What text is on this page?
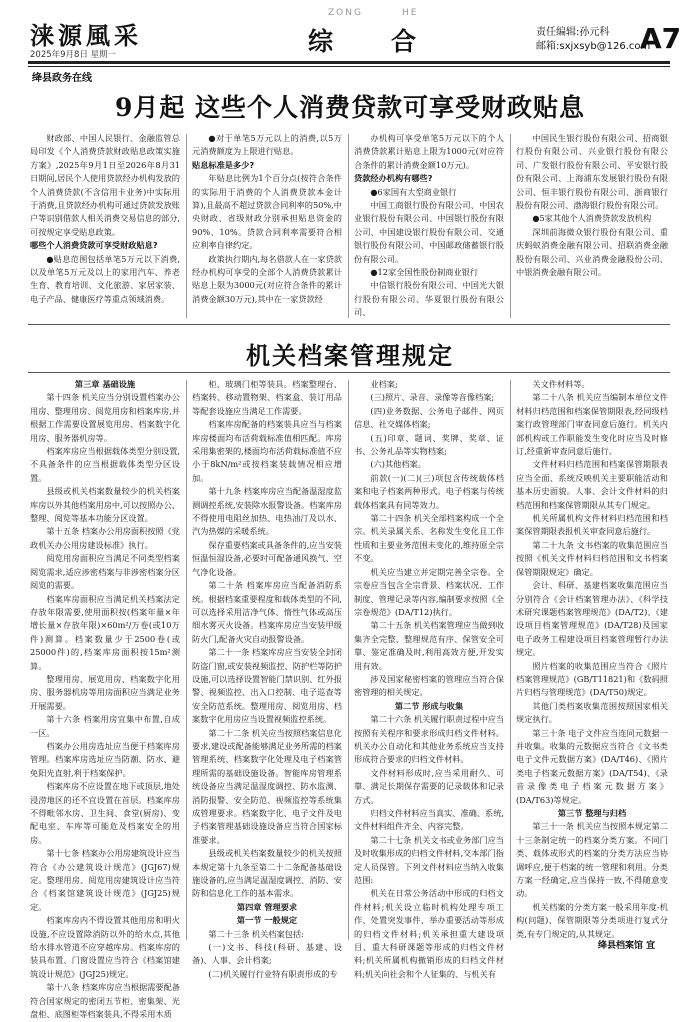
涞源風采
2025年9月8日 星期一
ZONG	HE
综合	责任编辑:孙元科
邮箱:sxjxsyb@126.com
A7
绛县政务在线
9月起 这些个人消费贷款可享受财政贴息

财政部、中国人民银行、金融监管总局印发《个人消费贷款财政贴息政策实施方案》,2025年9月1日至2026年8月31日期间,居民个人使用贷款经办机构发放的个人消费贷款(不含信用卡业务)中实际用于消费,且贷款经办机构可通过贷款发放账户等识别借款人相关消费交易信息的部分,可按规定享受贴息政策。

哪些个人消费贷款可享受财政贴息?

●贴息范围包括单笔5万元以下消费,以及单笔5万元及以上的家用汽车、养老生育、教育培训、文化旅游、家居家装、电子产品、健康医疗等重点领域消费。

●对于单笔5万元以上的消费,以5万元消费额度为上限进行贴息。

贴息标准是多少?

年贴息比例为1个百分点(按符合条件的实际用于消费的个人消费贷款本金计算),且最高不超过贷款合同利率的50%,中央财政、省级财政分别承担贴息资金的90%、10%。贷款合同利率需要符合相应利率自律约定。

政策执行期内,每名借款人在一家贷款经办机构可享受的全部个人消费贷款累计贴息上限为3000元(对应符合条件的累计消费金额30万元),其中在一家贷款经

办机构可享受单笔5万元以下的个人消费贷款累计贴息上限为1000元(对应符合条件的累计消费金额10万元)。

贷款经办机构有哪些?

●6家国有大型商业银行

中国工商银行股份有限公司、中国农业银行股份有限公司、中国银行股份有限公司、中国建设银行股份有限公司、交通银行股份有限公司、中国邮政储蓄银行股份有限公司。

●12家全国性股份制商业银行

中信银行股份有限公司、中国光大银行股份有限公司、华夏银行股份有限公司、

中国民生银行股份有限公司、招商银行股份有限公司、兴业银行股份有限公司、广发银行股份有限公司、平安银行股份有限公司、上海浦东发展银行股份有限公司、恒丰银行股份有限公司、浙商银行股份有限公司、渤海银行股份有限公司。

●5家其他个人消费贷款发放机构

深圳前海微众银行股份有限公司、重庆蚂蚁消费金融有限公司、招联消费金融股份有限公司、兴业消费金融股份公司、中银消费金融有限公司。

机关档案管理规定

第三章 基础设施

第十四条 机关应当分别设置档案办公用房、整理用房、阅览用房和档案库房,并根据工作需要设置展览用房、档案数字化用房、服务器机房等。

档案库房应当根据载体类型分别设置,不具备条件的应当根据载体类型分区设置。

县级或机关档案数量较少的机关档案库房以外其他档案用房中,可以按照办公、整理、阅览等基本功能分区设置。

第十五条 档案办公用房面积按照《党政机关办公用房建设标准》执行。

阅览用房面积应当满足不同类型档案阅览需求,适应涉密档案与非涉密档案分区阅览的需要。

档案库房面积应当满足机关档案法定存放年限需要,使用面积按(档案年量×年增长量×存放年限)×60m²/万卷(或10万件)测算。档案数量少于2500卷(或25000件)的,档案库房面积按15m²测算。

整理用房、展览用房、档案数字化用房、服务器机房等用房面积应当满足业务开展需要。

第十六条 档案用房宜集中布置,自成一区。

档案办公用房选址应当便于档案库房管理。档案库房选址应当防潮、防水、避免阳光直射,利于档案保护。

档案库房不应设置在地下或顶层,地处浸涝地区的还不宜设置在首层。档案库房不得毗邻水房、卫生间、食堂(厨房)、变配电室、车库等可能危及档案安全的用房。

第十七条 档案办公用房建筑设计应当符合《办公建筑设计规范》(JGJ67)规定。整理用房、阅览用房建筑设计应当符合《档案馆建筑设计规范》(JGJ25)规定。

档案库房内不得设置其他用房和明火设施,不应设置除消防以外的给水点,其他给水排水管道不应穿越库房。档案库房的装具布置、门窗设置应当符合《档案馆建筑设计规范》(JGJ25)规定。

第十八条 档案库房应当根据需要配备符合国家规定的密闭五节柜、密集架、光盘柜、底图柜等档案装具,不得采用木质

柜、玻璃门柜等装具。档案整理台、档案转、移动置物架、档案盒、装订用品等配套设施应当满足工作需要。

档案库房配备的档案装具应当与档案库房楼面均布活荷载标准值相匹配。库房采用集密架的,楼面均布活荷载标准值不应小于8kN/m²或按档案装载情况相应增加。

第十九条 档案库房应当配备温湿度监测调控系统,安装除水报警设备。档案库房不得使用电阻丝加热、电热油汀及以水、汽为热媒的采暖系统。

保存重要档案或具备条件的,应当安装恒温恒湿设备,必要时可配备通风换气、空气净化设备。

第二十条 档案库房应当配备消防系统。根据档案重要程度和载体类型的不同,可以选择采用洁净气体、惰性气体或高压细水雾灭火设备。档案库房应当安装甲级防火门,配备火灾自动报警设备。

第二十一条 档案库房应当安装全封闭防盗门窗,或安装视频监控、防护栏等防护设施,可以选择设置智能门禁识别、红外报警、视频监控、出入口控制、电子巡查等安全防范系统。整理用房、阅览用房、档案数字化用房应当设置视频监控系统。

第二十二条 机关应当按照档案信息化要求,建设或配备能够满足业务所需的档案管理系统、档案数字化处理及电子档案管理所需的基础设施设备。智能库房管理系统设备应当满足温湿度调控、防水监测、消防报警、安全防范、视频监控等系统集成管理要求。档案数字化、电子文件及电子档案管理基础设施设备应当符合国家标准要求。

县级或机关档案数量较少的机关按照本规定第十九条至第二十二条配备基础设施设备的,应当满足温湿度调控、消防、安防和信息化工作的基本需求。

第四章 管理要求

第一节 一般规定

第二十三条 机关档案包括:

(一)文书、科技(科研、基建、设备)、人事、会计档案;

(二)机关履行行业特有职责形成的专

业档案;

(三)照片、录音、录像等音像档案;

(四)业务数据、公务电子邮件、网页信息、社交媒体档案;

(五)印章、题词、奖牌、奖章、证书、公务礼品等实物档案;

(六)其他档案。

前款(一)(二)(三)项包含传统载体档案和电子档案两种形式。电子档案与传统载体档案具有同等效力。

第二十四条 机关全部档案构成一个全宗。机关录属关系、名称发生变化且工作性质和主要业务范围未变化的,维持原全宗不变。

机关应当建立并定期完善全宗卷。全宗卷应当包含全宗背景、档案状况、工作制度、管理记录等内容,编制要求按照《全宗卷规范》(DA/T12)执行。

第二十五条 机关档案管理应当做到收集齐全完整、整理规范有序、保管安全可靠、鉴定准确及时,利用高效方便,开发实用有效。

涉及国家秘密档案的管理应当符合保密管理的相关规定。

第二节 形成与收集

第二十六条 机关履行职责过程中应当按照有关程序和要求形成归档文件材料。机关办公自动化和其他业务系统应当支持形成符合要求的归档文件材料。

文件材料形成时,应当采用耐久、可靠、满足长期保存需要的记录载体和记录方式。

归档文件材料应当真实、准确、系统,文件材料组件齐全、内容完整。

第二十七条 机关文书或业务部门应当及时收集形成的归档文件材料,交本部门指定人员保管。下列文件材料应当纳入收集范围:

机关在日常公务活动中形成的归档文件材料;机关设立临时机构处理专项工作、处置突发事件、举办重要活动等形成的归档文件材料;机关承担重大建设项目、重大科研课题等形成的归档文件材料;机关所属机构撤销形成的归档文件材料;机关向社会和个人征集的、与机关有

关文件材料等。

第二十八条 机关应当编制本单位文件材料归档范围和档案保管期限表,经同级档案行政管理部门审查同意后施行。机关内部机构或工作职能发生变化时应当及时修订,经重新审查同意后施行。

文件材料归档范围和档案保管期限表应当全面、系统反映机关主要职能活动和基本历史面貌。人事、会计文件材料的归档范围和档案保管期限从其专门规定。

机关所属机构文件材料归档范围和档案保管期限表报机关审查同意后施行。

第二十九条 文书档案的收集范围应当按照《机关文件材料归档范围和文书档案保管期限规定》确定。

会计、科研、基建档案收集范围应当分别符合《会计档案管理办法》、《科学技术研究课题档案管理规范》(DA/T2)、《建设项目档案管理规范》(DA/T28)及国家电子政务工程建设项目档案管理暂行办法规定。

照片档案的收集范围应当符合《照片档案管理规范》(GB/T11821)和《数码照片归档与管理规范》(DA/T50)规定。

其他门类档案收集范围按照国家相关规定执行。

第三十条 电子文件应当连同元数据一并收集。收集的元数据应当符合《文书类电子文件元数据方案》(DA/T46)、《照片类电子档案元数据方案》(DA/T54)、《录音录像类电子档案元数据方案》(DA/T63)等规定。

第三节 整理与归档

第三十一条 机关应当按照本规定第二十三条制定统一的档案分类方案。不同门类、载体或形式的档案的分类方法应当协调呼应,便于档案的统一管理和利用。分类方案一经确定,应当保持一致,不得随意变动。

机关档案的分类方案一般采用年度-机构(问题)、保管期限等分类项进行复式分类,有专门规定的,从其规定。

绛县档案馆 宜
